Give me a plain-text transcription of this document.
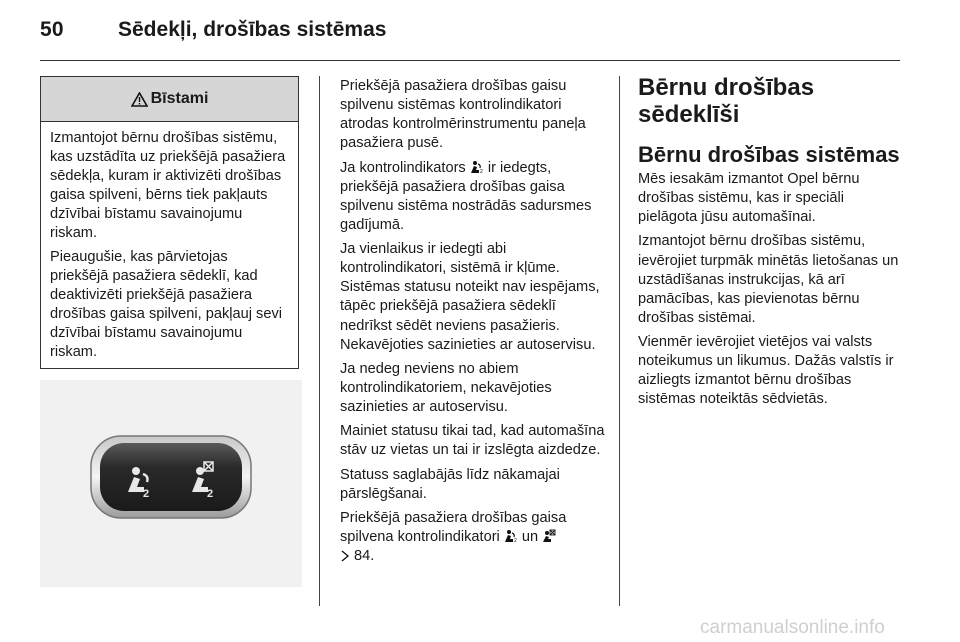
50	Sēdekļi, drošības sistēmas
Bīstami

Izmantojot bērnu drošības sistēmu, kas uzstādīta uz priekšējā pasažiera sēdekļa, kuram ir aktivizēti drošības gaisa spilveni, bērns tiek pakļauts dzīvībai bīstamu savainojumu riskam.

Pieaugušie, kas pārvietojas priekšējā pasažiera sēdeklī, kad deaktivizēti priekšējā pasažiera drošības gaisa spilveni, pakļauj sevi dzīvībai bīstamu savainojumu riskam.

2	2

Priekšējā pasažiera drošības gaisu spilvenu sistēmas kontrolindikatori atrodas kontrolmērinstrumentu paneļa pasažiera pusē.

Ja kontrolindikators 2 ir iedegts, priekšējā pasažiera drošības gaisa spilvenu sistēma nostrādās sadursmes gadījumā.

Ja vienlaikus ir iedegti abi kontrolindikatori, sistēmā ir kļūme. Sistēmas statusu noteikt nav iespējams, tāpēc priekšējā pasažiera sēdeklī nedrīkst sēdēt neviens pasažieris. Nekavējoties sazinieties ar autoservisu.

Ja nedeg neviens no abiem kontrolindikatoriem, nekavējoties sazinieties ar autoservisu.

Mainiet statusu tikai tad, kad automašīna stāv uz vietas un tai ir izslēgta aizdedze.

Statuss saglabājās līdz nākamajai pārslēgšanai.

Priekšējā pasažiera drošības gaisa spilvena kontrolindikatori 2 un
84.

Bērnu drošības sēdeklīši
Bērnu drošības sistēmas

Mēs iesakām izmantot Opel bērnu drošības sistēmu, kas ir speciāli pielāgota jūsu automašīnai.

Izmantojot bērnu drošības sistēmu, ievērojiet turpmāk minētās lietošanas un uzstādīšanas instrukcijas, kā arī pamācības, kas pievienotas bērnu drošības sistēmai.

Vienmēr ievērojiet vietējos vai valsts noteikumus un likumus. Dažās valstīs ir aizliegts izmantot bērnu drošības sistēmas noteiktās sēdvietās.

carmanualsonline.info
